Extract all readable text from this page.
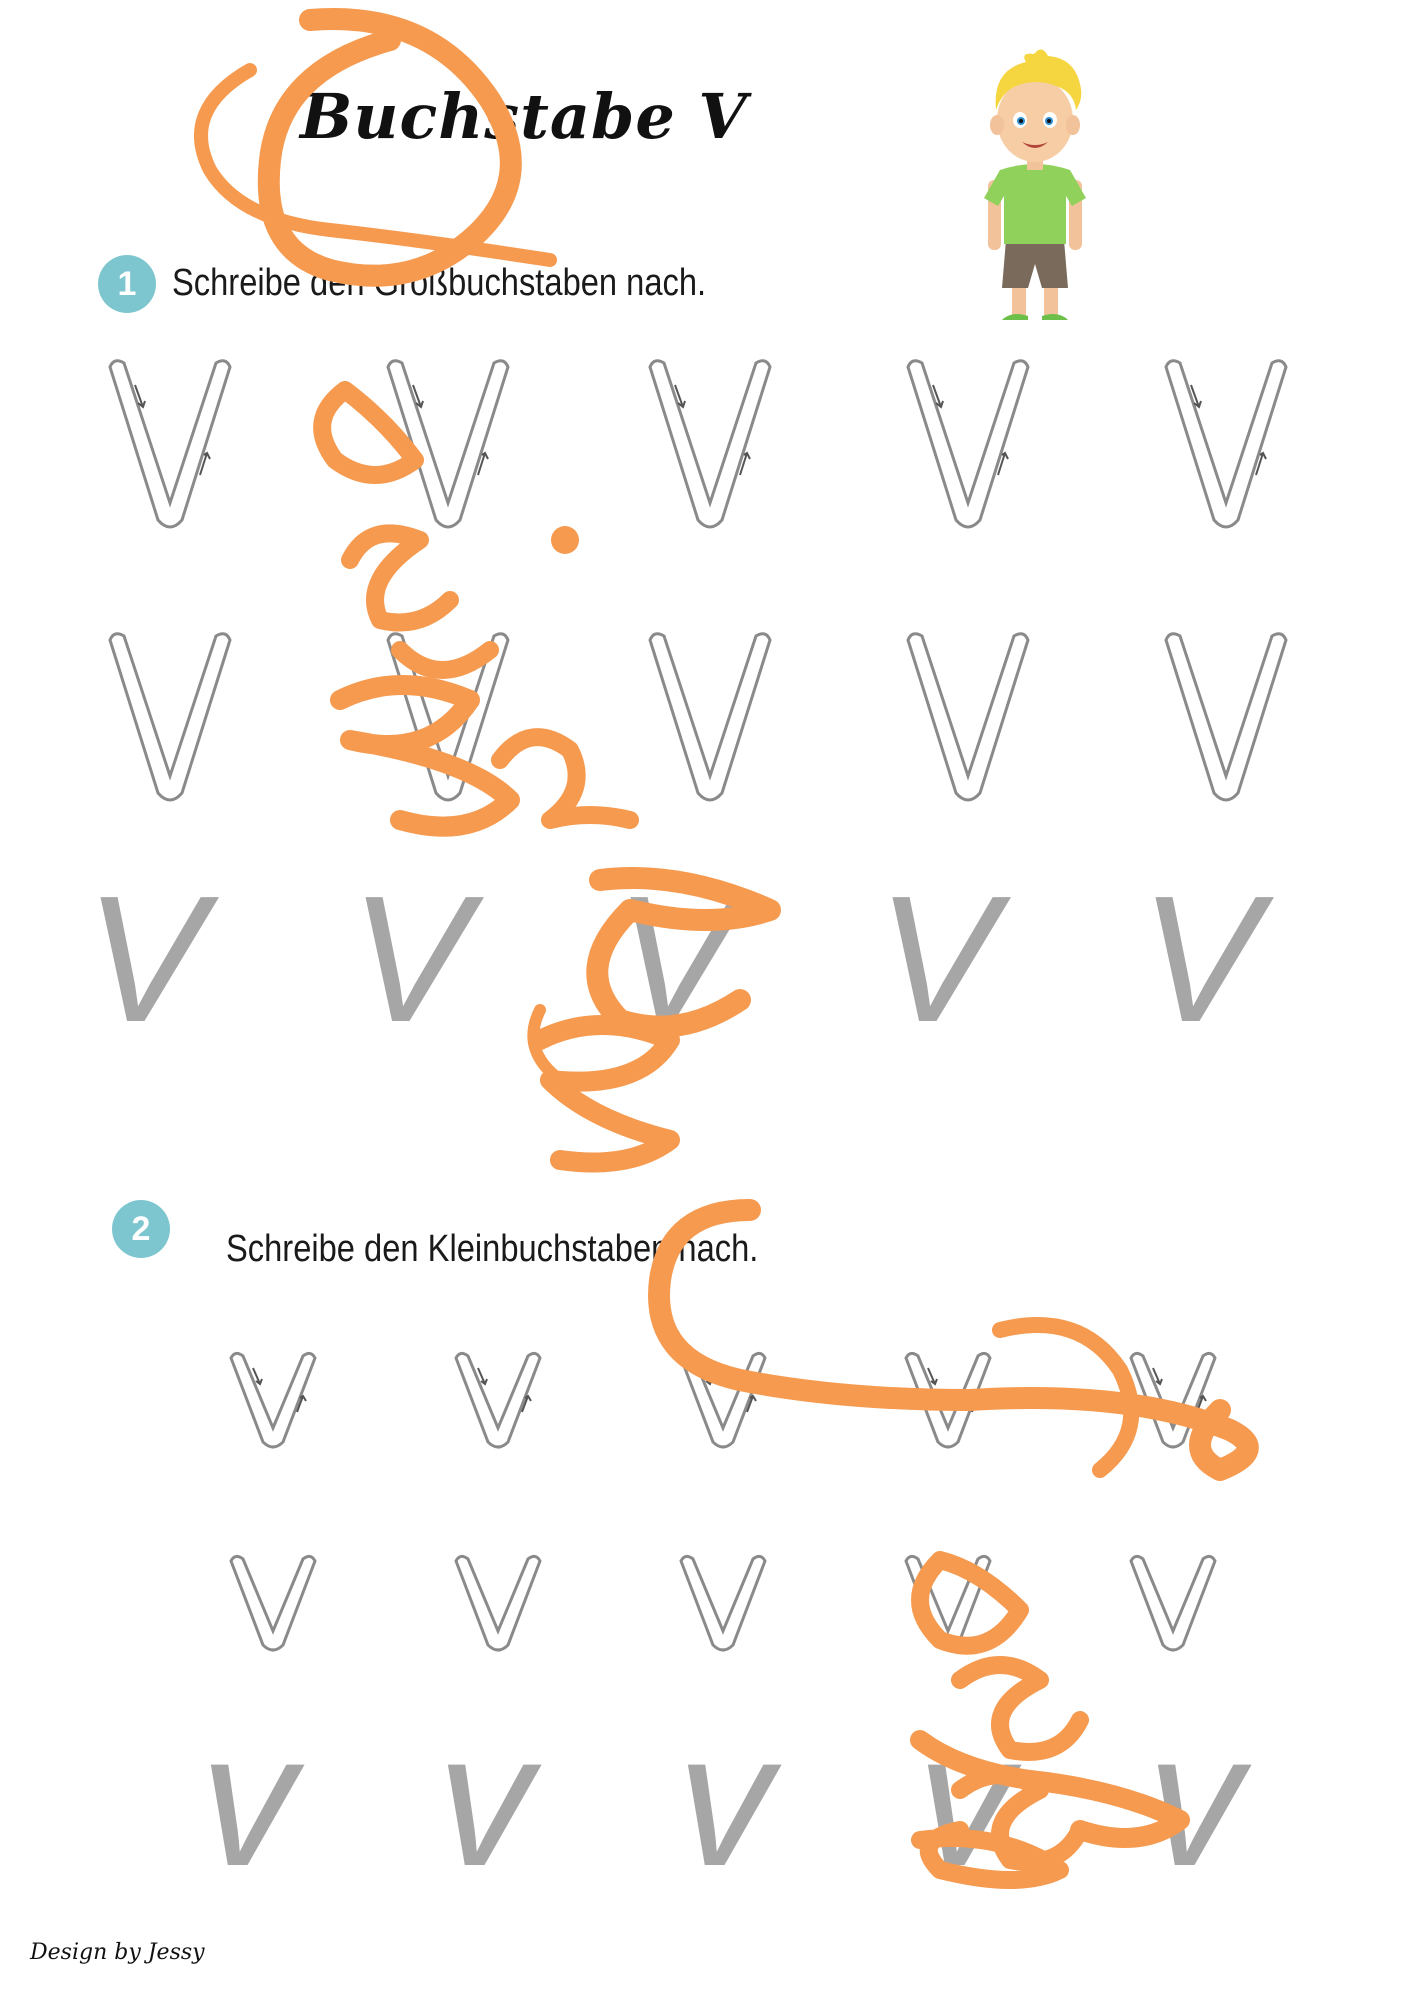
Buchstabe V
1 Schreibe den Großbuchstaben nach.
V V V V V
2	Schreibe den Kleinbuchstaben nach.
v v v v v
Design by Jessy
